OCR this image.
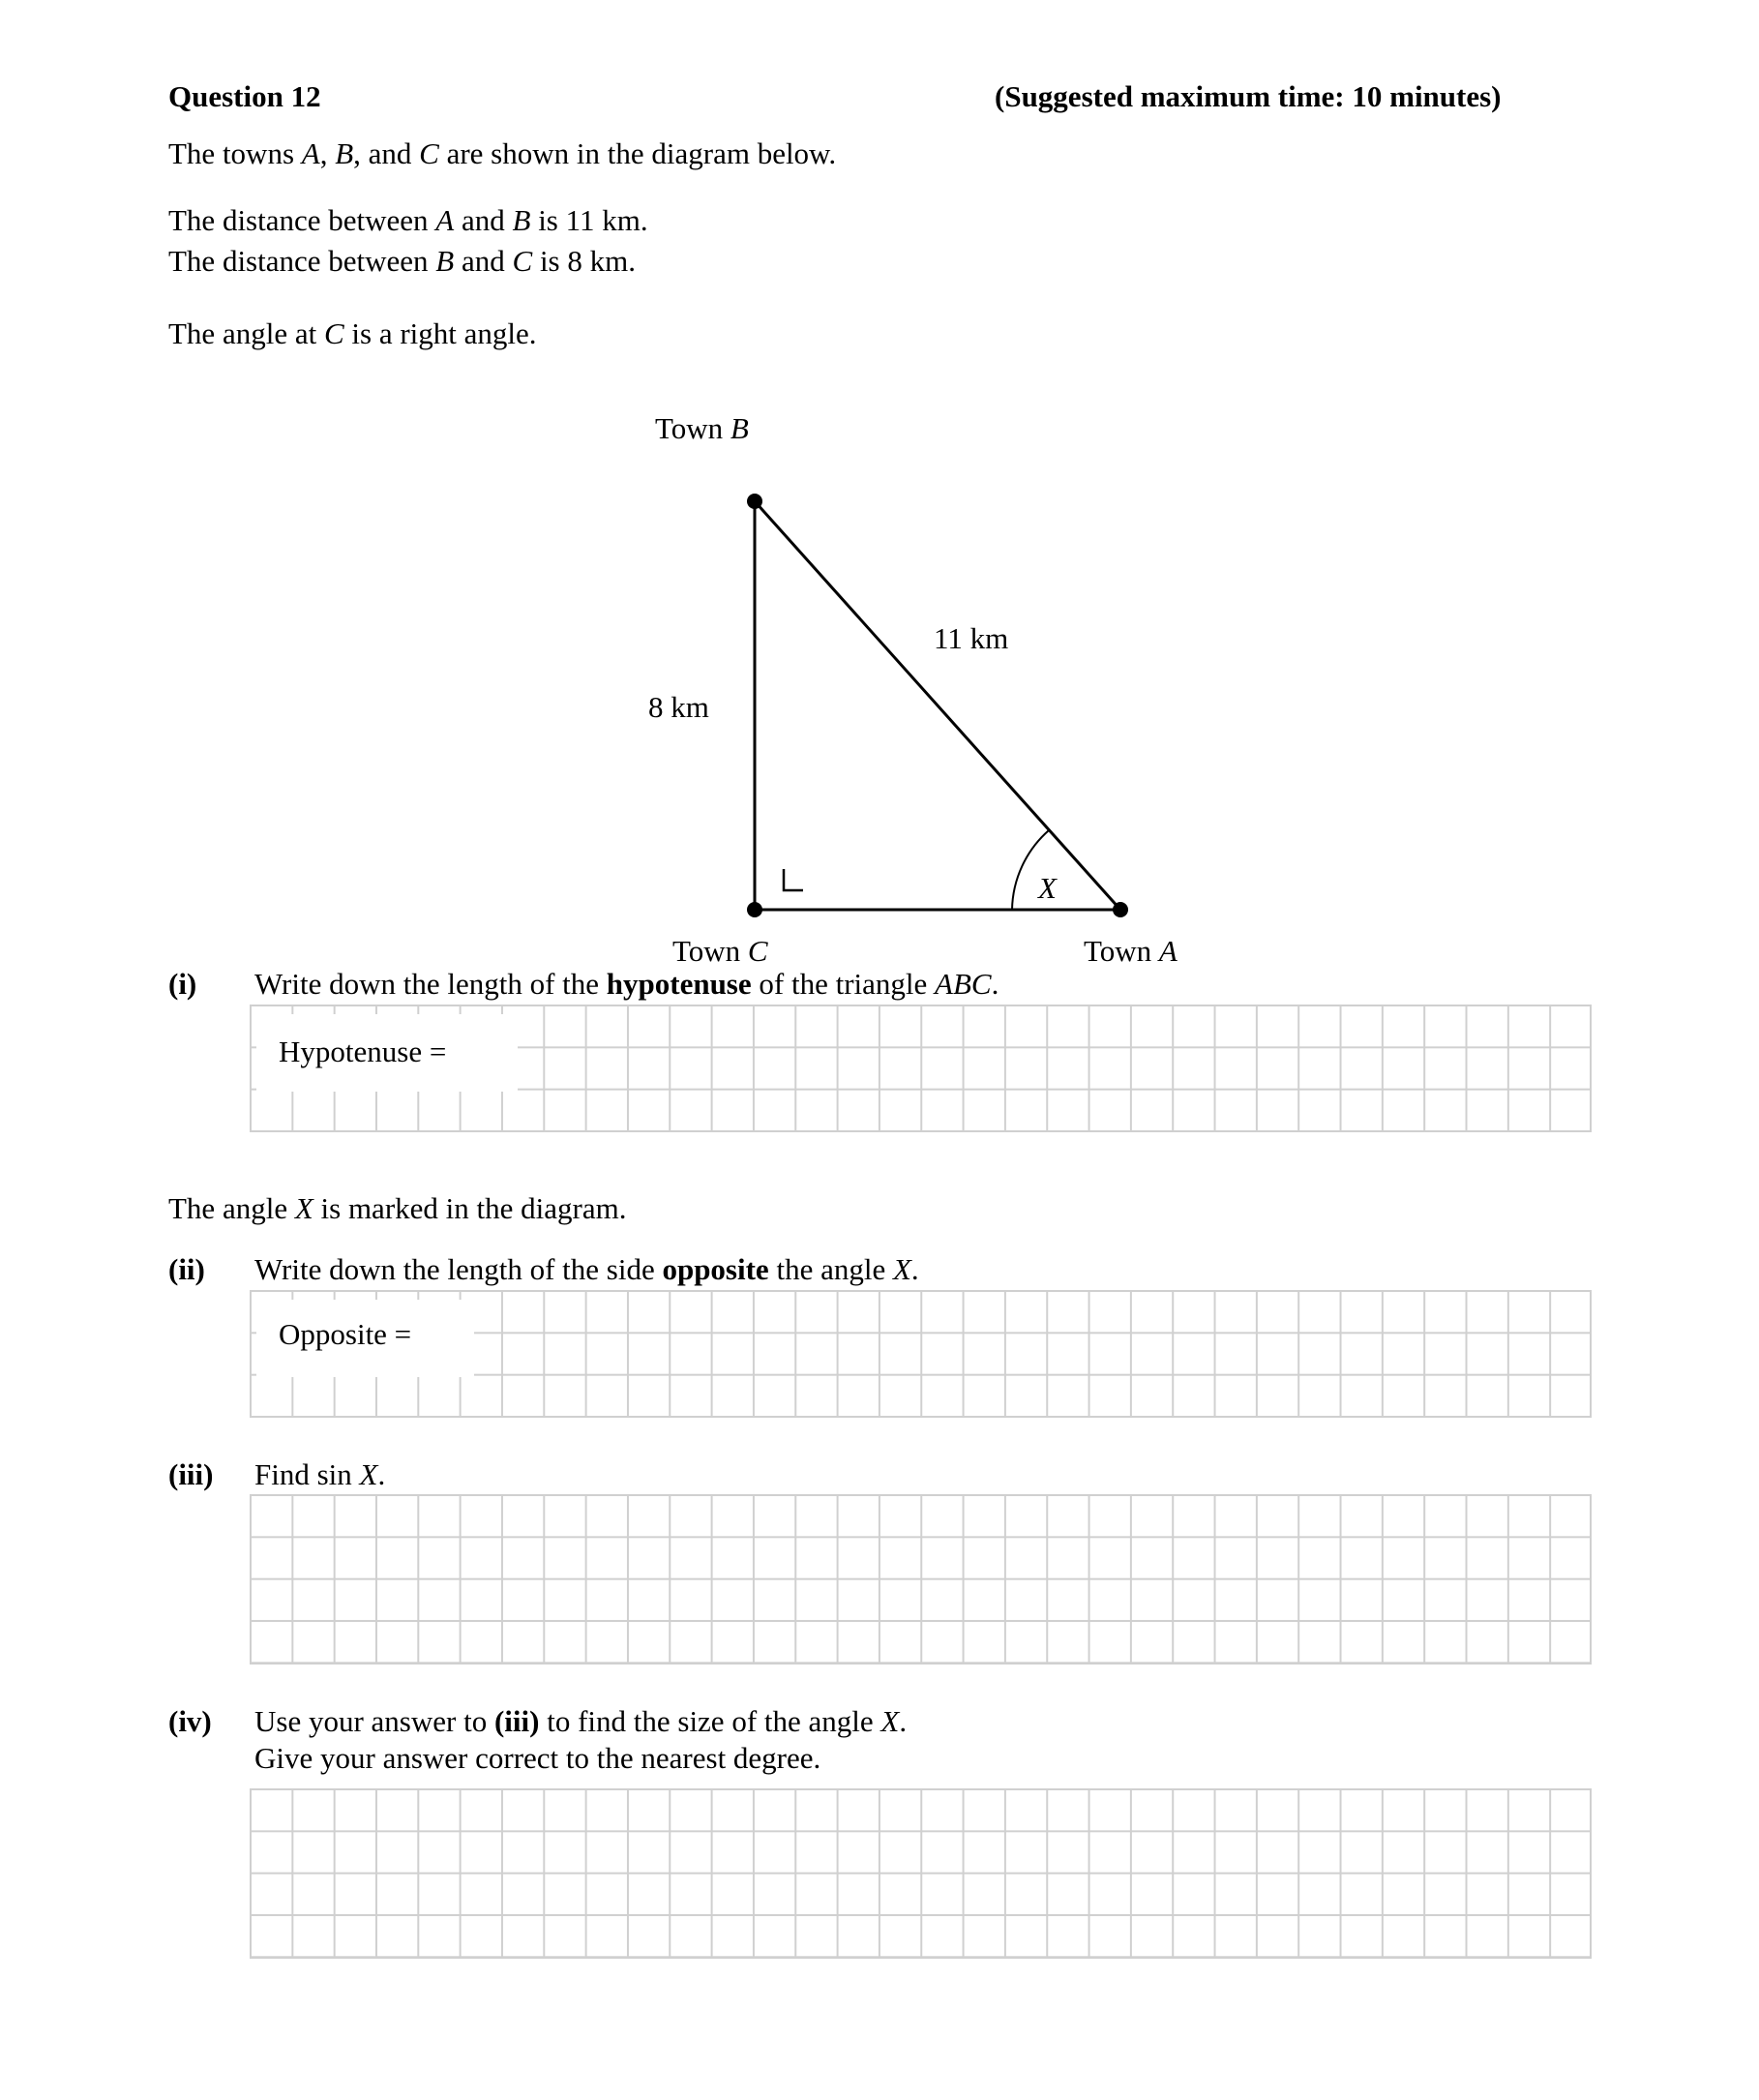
Question 12	(Suggested maximum time: 10 minutes)
The towns A, B, and C are shown in the diagram below.
The distance between A and B is 11 km.
The distance between B and C is 8 km.
The angle at C is a right angle.
Town B
11 km
8 km
X
Town C	Town A
(i) Write down the length of the hypotenuse of the triangle ABC.
Hypotenuse =
The angle X is marked in the diagram.
(ii) Write down the length of the side opposite the angle X.
Opposite =
(iii) Find sin X.
(iv) Use your answer to (iii) to find the size of the angle X.
Give your answer correct to the nearest degree.
